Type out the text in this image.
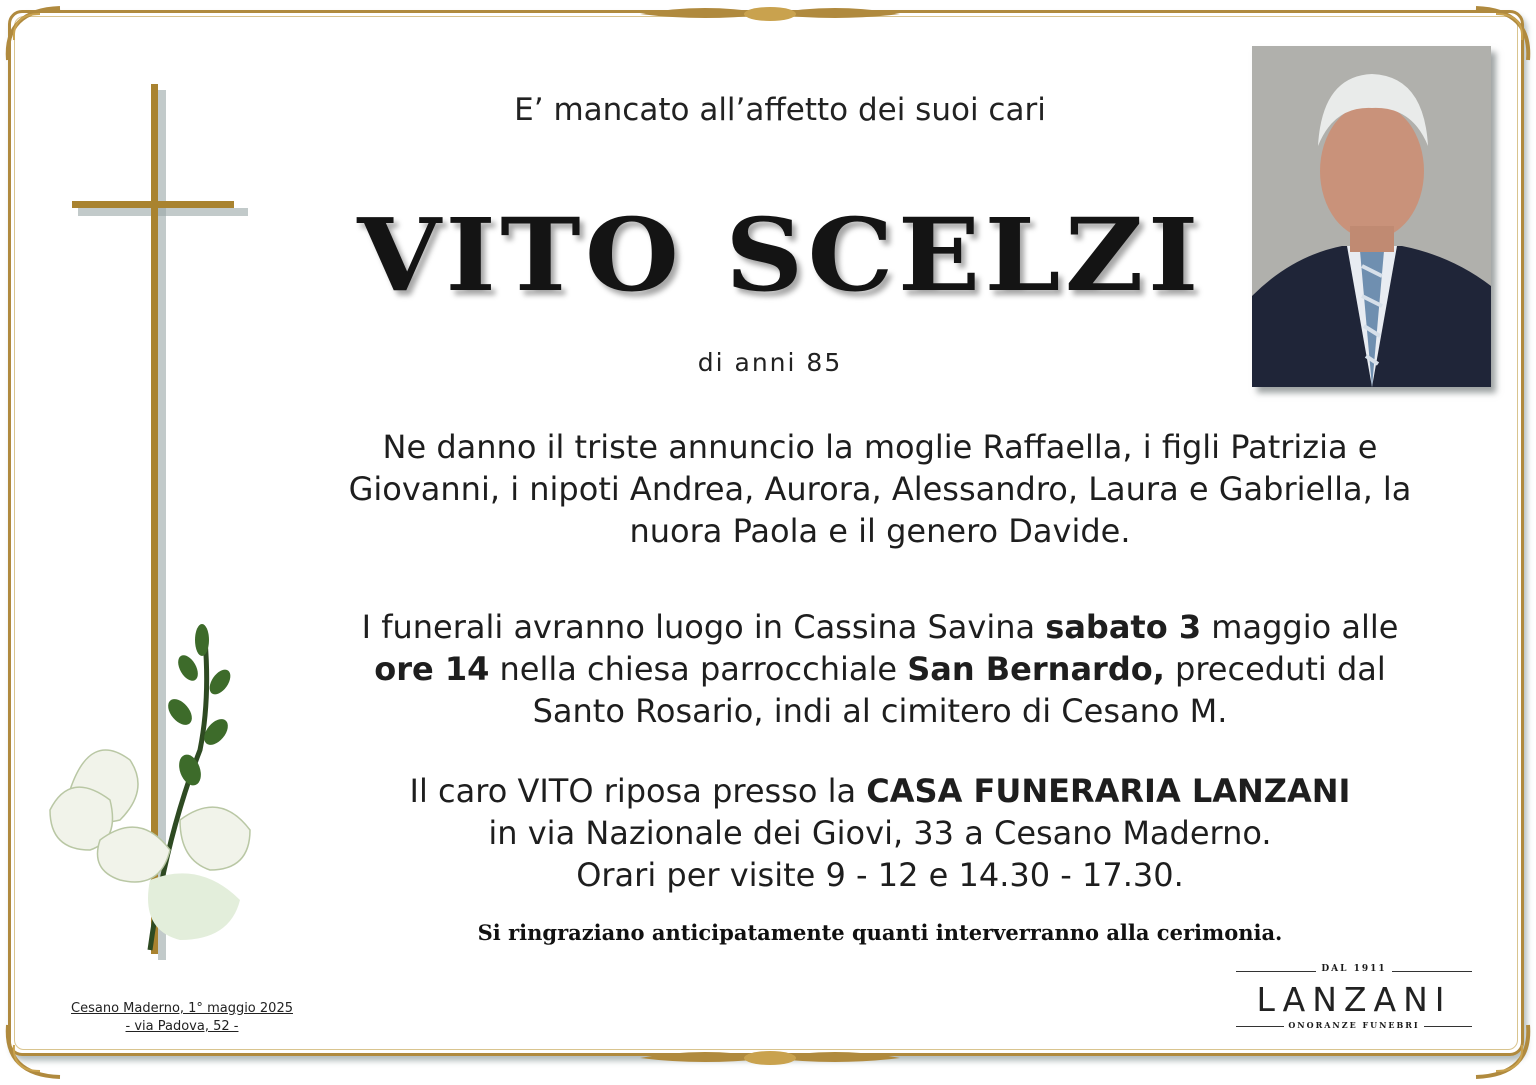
E’ mancato all’affetto dei suoi cari
VITO SCELZI
di anni 85
Ne danno il triste annuncio la moglie Raffaella, i figli Patrizia e Giovanni, i nipoti Andrea, Aurora, Alessandro, Laura e Gabriella, la nuora Paola e il genero Davide.
I funerali avranno luogo in Cassina Savina sabato 3 maggio alle ore 14 nella chiesa parrocchiale San Bernardo, preceduti dal Santo Rosario, indi al cimitero di Cesano M.
Il caro VITO riposa presso la CASA FUNERARIA LANZANI
in via Nazionale dei Giovi, 33 a Cesano Maderno.
Orari per visite 9 - 12 e 14.30 - 17.30.
Si ringraziano anticipatamente quanti interverranno alla cerimonia.
Cesano Maderno, 1° maggio 2025
- via Padova, 52 -
DAL 1911
LANZANI
ONORANZE FUNEBRI
